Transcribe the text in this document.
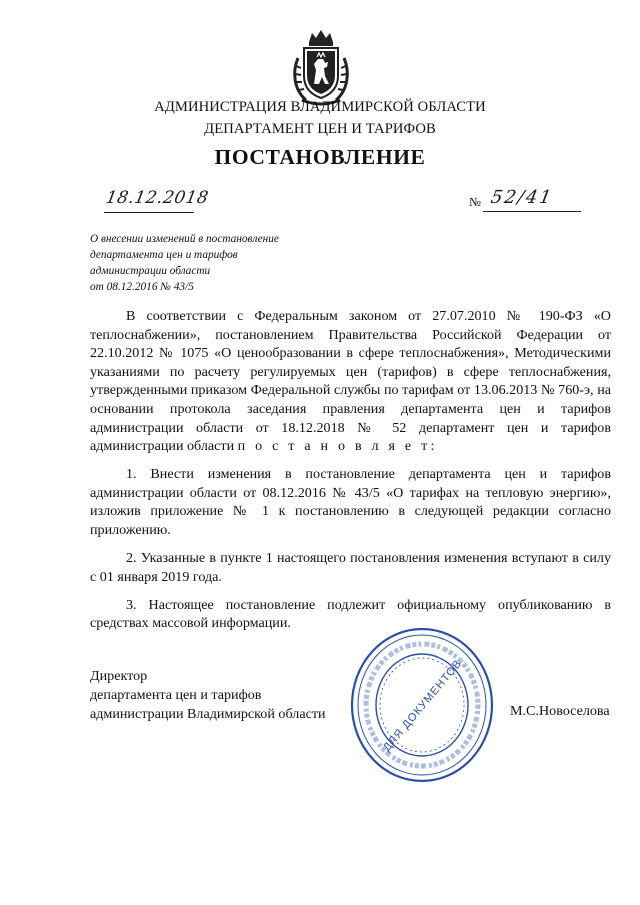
АДМИНИСТРАЦИЯ ВЛАДИМИРСКОЙ ОБЛАСТИ
ДЕПАРТАМЕНТ ЦЕН И ТАРИФОВ
ПОСТАНОВЛЕНИЕ
18.12.2018	№ 52/41
О внесении изменений в постановление
департамента цен и тарифов
администрации области
от 08.12.2016 № 43/5

В соответствии с Федеральным законом от 27.07.2010 № 190-ФЗ «О теплоснабжении», постановлением Правительства Российской Федерации от 22.10.2012 № 1075 «О ценообразовании в сфере теплоснабжения», Методическими указаниями по расчету регулируемых цен (тарифов) в сфере теплоснабжения, утвержденными приказом Федеральной службы по тарифам от 13.06.2013 № 760-э, на основании протокола заседания правления департамента цен и тарифов администрации области от 18.12.2018 № 52 департамент цен и тарифов администрации области п о с т а н о в л я е т:

1. Внести изменения в постановление департамента цен и тарифов администрации области от 08.12.2016 № 43/5 «О тарифах на тепловую энергию», изложив приложение № 1 к постановлению в следующей редакции согласно приложению.

2. Указанные в пункте 1 настоящего постановления изменения вступают в силу с 01 января 2019 года.

3. Настоящее постановление подлежит официальному опубликованию в средствах массовой информации.

Директор
департамента цен и тарифов
администрации Владимирской области	ДЛЯ ДОКУМЕНТОВ	М.С.Новоселова
